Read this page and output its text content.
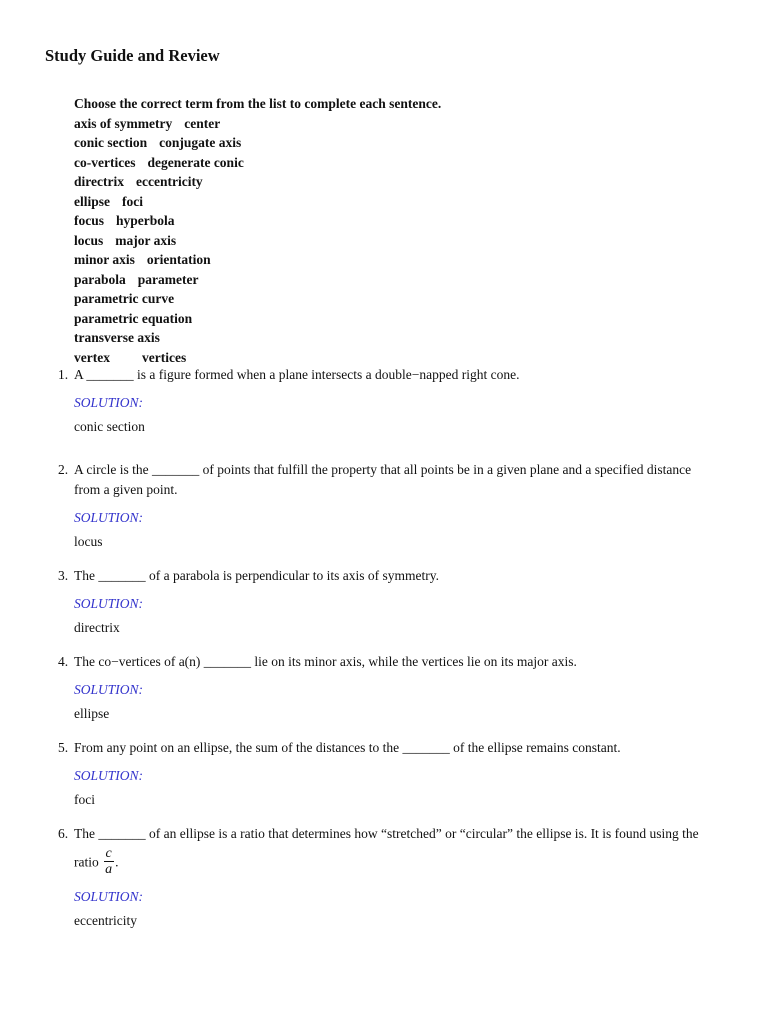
Study Guide and Review
Choose the correct term from the list to complete each sentence.
axis of symmetry center
conic section conjugate axis
co-vertices degenerate conic
directrix eccentricity
ellipse foci
focus hyperbola
locus major axis
minor axis orientation
parabola parameter
parametric curve
parametric equation
transverse axis
vertex vertices
1. A _______ is a figure formed when a plane intersects a double−napped right cone.
SOLUTION:
conic section
2. A circle is the _______ of points that fulfill the property that all points be in a given plane and a specified distance from a given point.
SOLUTION:
locus
3. The _______ of a parabola is perpendicular to its axis of symmetry.
SOLUTION:
directrix
4. The co−vertices of a(n) _______ lie on its minor axis, while the vertices lie on its major axis.
SOLUTION:
ellipse
5. From any point on an ellipse, the sum of the distances to the _______ of the ellipse remains constant.
SOLUTION:
foci
6. The _______ of an ellipse is a ratio that determines how “stretched” or “circular” the ellipse is. It is found using the
ratio $\frac{c}{a}$ .
SOLUTION:
eccentricity
